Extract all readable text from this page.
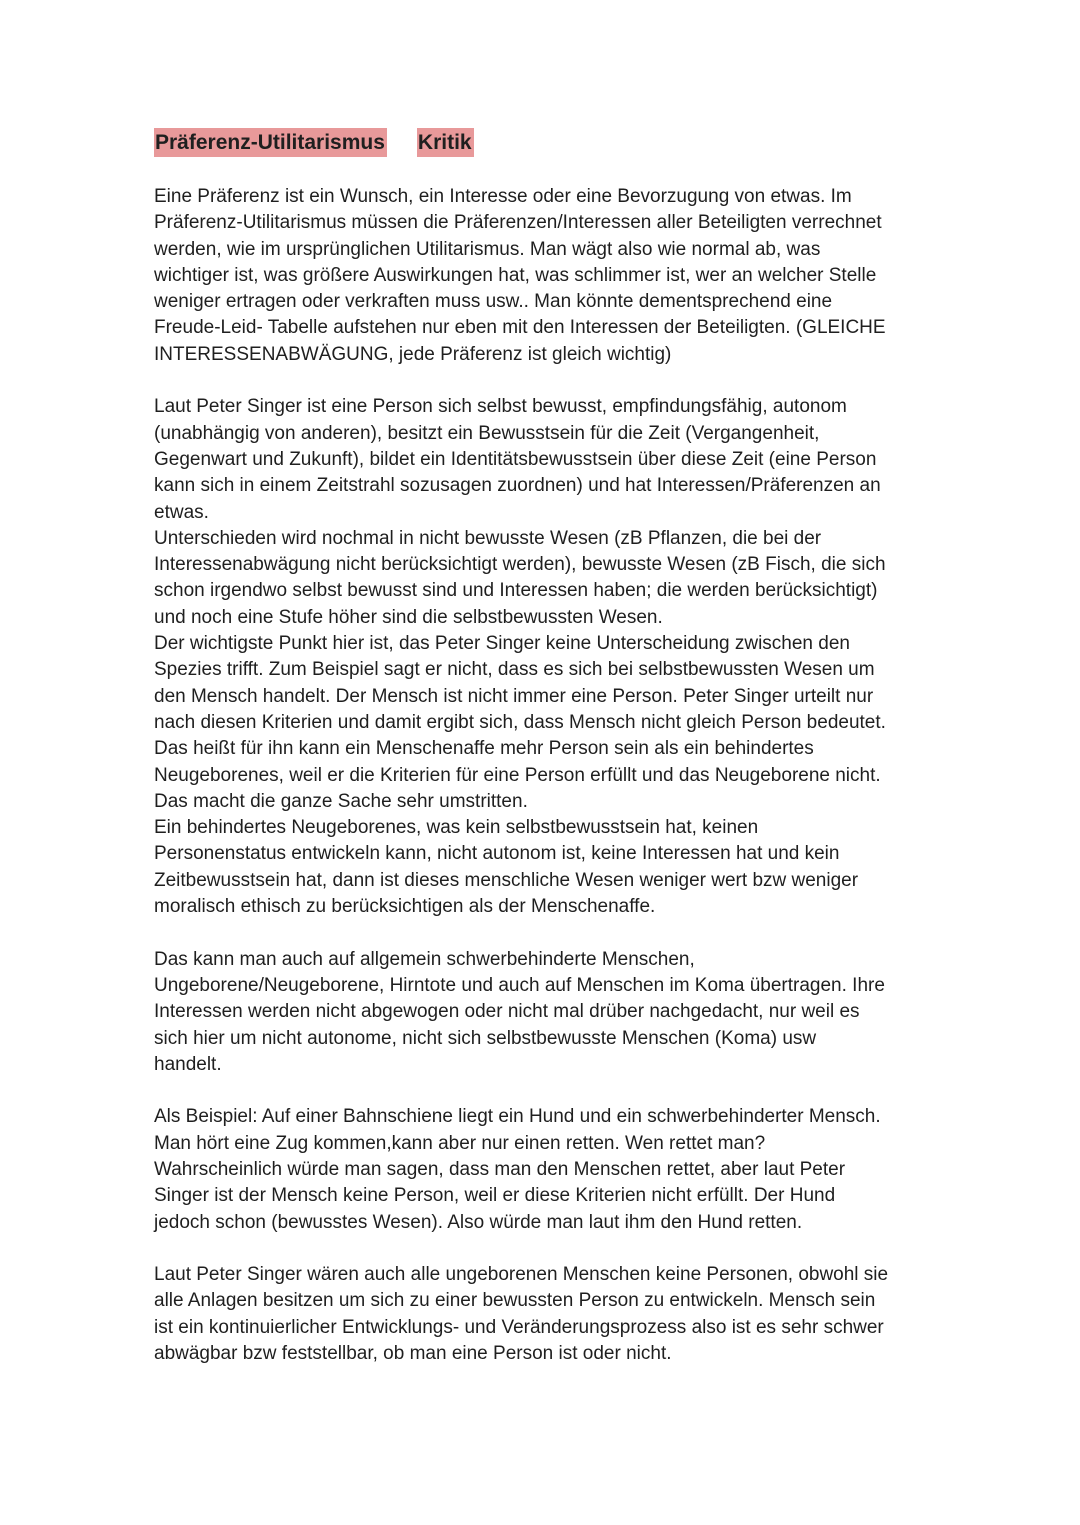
Präferenz-Utilitarismus Kritik

Eine Präferenz ist ein Wunsch, ein Interesse oder eine Bevorzugung von etwas. Im
Präferenz-Utilitarismus müssen die Präferenzen/Interessen aller Beteiligten verrechnet
werden, wie im ursprünglichen Utilitarismus. Man wägt also wie normal ab, was
wichtiger ist, was größere Auswirkungen hat, was schlimmer ist, wer an welcher Stelle
weniger ertragen oder verkraften muss usw.. Man könnte dementsprechend eine
Freude-Leid- Tabelle aufstehen nur eben mit den Interessen der Beteiligten. (GLEICHE
INTERESSENABWÄGUNG, jede Präferenz ist gleich wichtig)

Laut Peter Singer ist eine Person sich selbst bewusst, empfindungsfähig, autonom
(unabhängig von anderen), besitzt ein Bewusstsein für die Zeit (Vergangenheit,
Gegenwart und Zukunft), bildet ein Identitätsbewusstsein über diese Zeit (eine Person
kann sich in einem Zeitstrahl sozusagen zuordnen) und hat Interessen/Präferenzen an
etwas.
Unterschieden wird nochmal in nicht bewusste Wesen (zB Pflanzen, die bei der
Interessenabwägung nicht berücksichtigt werden), bewusste Wesen (zB Fisch, die sich
schon irgendwo selbst bewusst sind und Interessen haben; die werden berücksichtigt)
und noch eine Stufe höher sind die selbstbewussten Wesen.
Der wichtigste Punkt hier ist, das Peter Singer keine Unterscheidung zwischen den
Spezies trifft. Zum Beispiel sagt er nicht, dass es sich bei selbstbewussten Wesen um
den Mensch handelt. Der Mensch ist nicht immer eine Person. Peter Singer urteilt nur
nach diesen Kriterien und damit ergibt sich, dass Mensch nicht gleich Person bedeutet.
Das heißt für ihn kann ein Menschenaffe mehr Person sein als ein behindertes
Neugeborenes, weil er die Kriterien für eine Person erfüllt und das Neugeborene nicht.
Das macht die ganze Sache sehr umstritten.
Ein behindertes Neugeborenes, was kein selbstbewusstsein hat, keinen
Personenstatus entwickeln kann, nicht autonom ist, keine Interessen hat und kein
Zeitbewusstsein hat, dann ist dieses menschliche Wesen weniger wert bzw weniger
moralisch ethisch zu berücksichtigen als der Menschenaffe.

Das kann man auch auf allgemein schwerbehinderte Menschen,
Ungeborene/Neugeborene, Hirntote und auch auf Menschen im Koma übertragen. Ihre
Interessen werden nicht abgewogen oder nicht mal drüber nachgedacht, nur weil es
sich hier um nicht autonome, nicht sich selbstbewusste Menschen (Koma) usw
handelt.

Als Beispiel: Auf einer Bahnschiene liegt ein Hund und ein schwerbehinderter Mensch.
Man hört eine Zug kommen,kann aber nur einen retten. Wen rettet man?
Wahrscheinlich würde man sagen, dass man den Menschen rettet, aber laut Peter
Singer ist der Mensch keine Person, weil er diese Kriterien nicht erfüllt. Der Hund
jedoch schon (bewusstes Wesen). Also würde man laut ihm den Hund retten.

Laut Peter Singer wären auch alle ungeborenen Menschen keine Personen, obwohl sie
alle Anlagen besitzen um sich zu einer bewussten Person zu entwickeln. Mensch sein
ist ein kontinuierlicher Entwicklungs- und Veränderungsprozess also ist es sehr schwer
abwägbar bzw feststellbar, ob man eine Person ist oder nicht.
